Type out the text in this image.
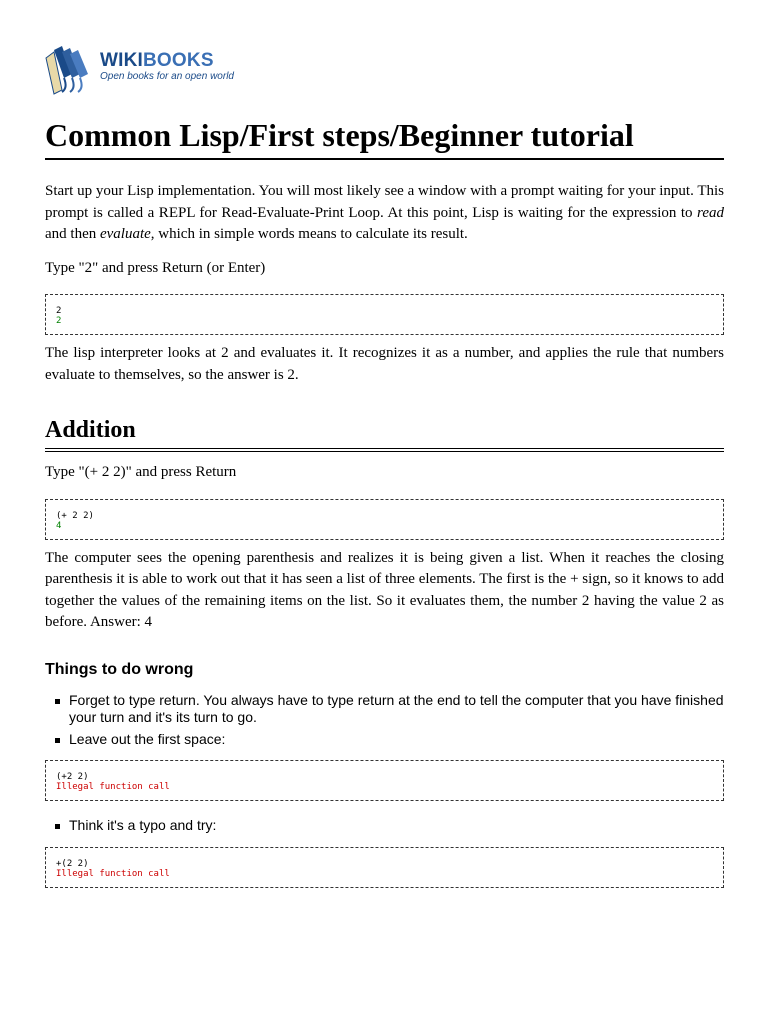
WIKIBOOKS
Open books for an open world
Common Lisp/First steps/Beginner tutorial

Start up your Lisp implementation. You will most likely see a window with a prompt waiting for your input. This prompt is called a REPL for Read-Evaluate-Print Loop. At this point, Lisp is waiting for the expression to read and then evaluate, which in simple words means to calculate its result.

Type "2" and press Return (or Enter)

2
2

The lisp interpreter looks at 2 and evaluates it. It recognizes it as a number, and applies the rule that numbers evaluate to themselves, so the answer is 2.

Addition

Type "(+ 2 2)" and press Return

(+ 2 2)
4

The computer sees the opening parenthesis and realizes it is being given a list. When it reaches the closing parenthesis it is able to work out that it has seen a list of three elements. The first is the + sign, so it knows to add together the values of the remaining items on the list. So it evaluates them, the number 2 having the value 2 as before. Answer: 4

Things to do wrong
Forget to type return. You always have to type return at the end to tell the computer that you have finished your turn and it's its turn to go.
Leave out the first space:
(+2 2)
Illegal function call
Think it's a typo and try:
+(2 2)
Illegal function call
